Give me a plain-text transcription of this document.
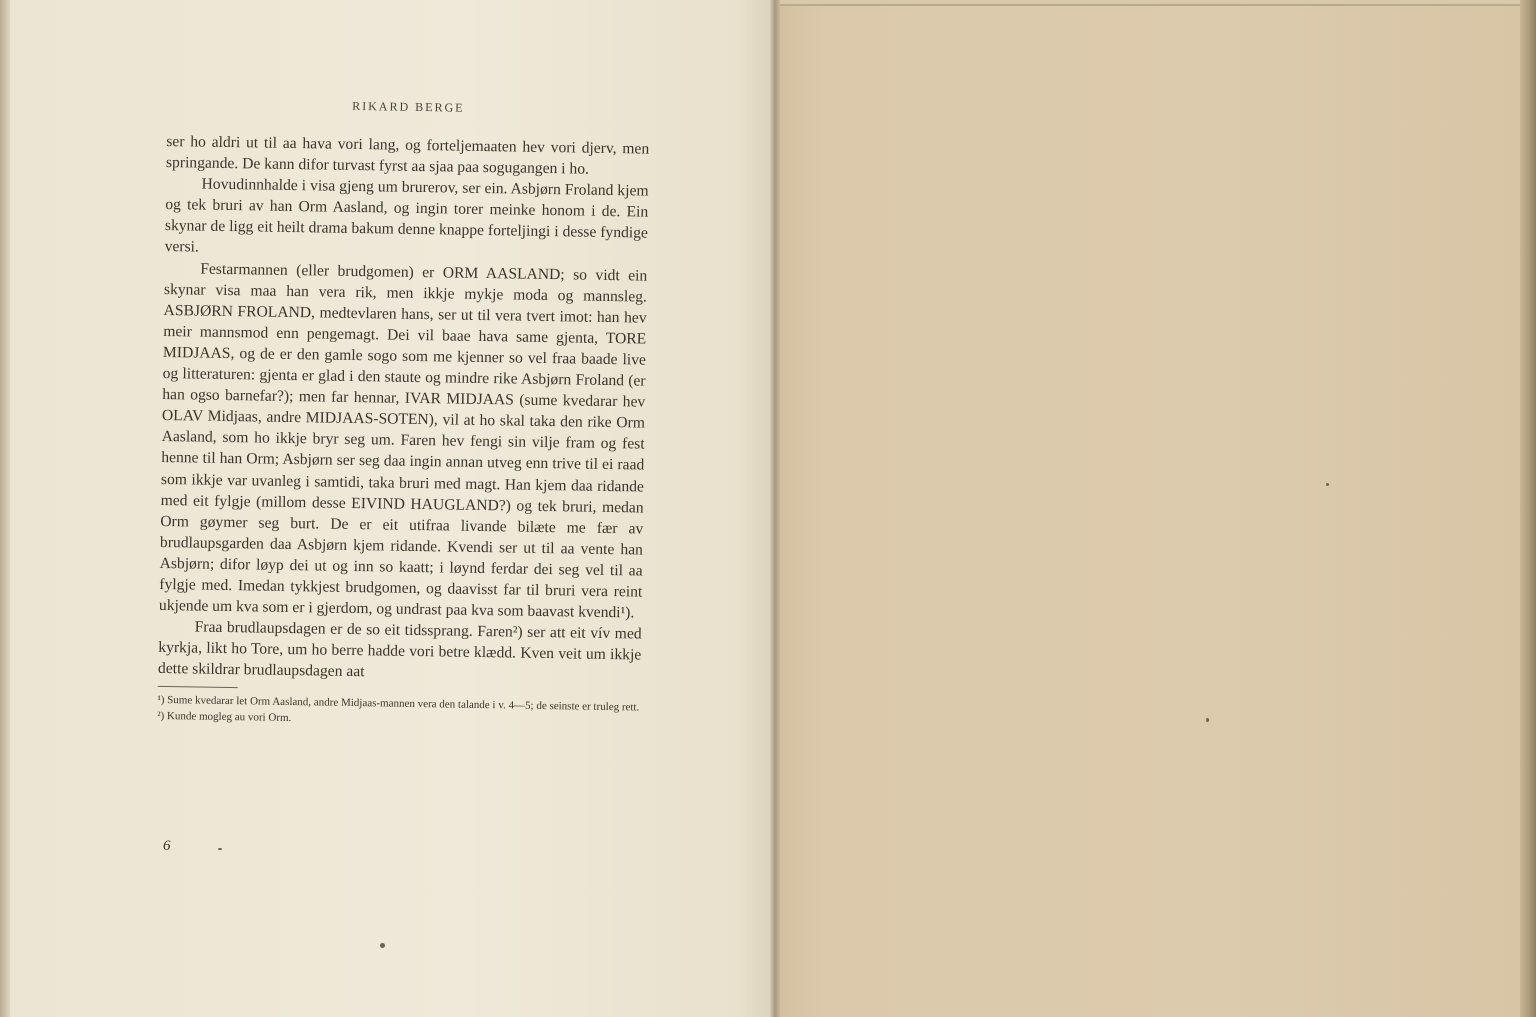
RIKARD BERGE

ser ho aldri ut til aa hava vori lang, og forteljemaaten hev vori djerv, men springande. De kann difor turvast fyrst aa sjaa paa sogugangen i ho.

Hovudinnhalde i visa gjeng um brurerov, ser ein. Asbjørn Froland kjem og tek bruri av han Orm Aasland, og ingin torer meinke honom i de. Ein skynar de ligg eit heilt drama bakum denne knappe forteljingi i desse fyndige versi.

Festarmannen (eller brudgomen) er ORM AASLAND; so vidt ein skynar visa maa han vera rik, men ikkje mykje moda og mannsleg. ASBJØRN FROLAND, medtevlaren hans, ser ut til vera tvert imot: han hev meir mannsmod enn pengemagt. Dei vil baae hava same gjenta, TORE MIDJAAS, og de er den gamle sogo som me kjenner so vel fraa baade live og litteraturen: gjenta er glad i den staute og mindre rike Asbjørn Froland (er han ogso barnefar?); men far hennar, IVAR MIDJAAS (sume kvedarar hev OLAV Midjaas, andre MIDJAAS-SOTEN), vil at ho skal taka den rike Orm Aasland, som ho ikkje bryr seg um. Faren hev fengi sin vilje fram og fest henne til han Orm; Asbjørn ser seg daa ingin annan utveg enn trive til ei raad som ikkje var uvanleg i samtidi, taka bruri med magt. Han kjem daa ridande med eit fylgje (millom desse EIVIND HAUGLAND?) og tek bruri, medan Orm gøymer seg burt. De er eit utifraa livande bilæte me fær av brudlaupsgarden daa Asbjørn kjem ridande. Kvendi ser ut til aa vente han Asbjørn; difor løyp dei ut og inn so kaatt; i løynd ferdar dei seg vel til aa fylgje med. Imedan tykkjest brudgomen, og daavisst far til bruri vera reint ukjende um kva som er i gjerdom, og undrast paa kva som baavast kvendi¹).

Fraa brudlaupsdagen er de so eit tidssprang. Faren²) ser att eit vív med kyrkja, likt ho Tore, um ho berre hadde vori betre klædd. Kven veit um ikkje dette skildrar brudlaupsdagen aat

¹) Sume kvedarar let Orm Aasland, andre Midjaas-mannen vera den talande i v. 4—5; de seinste er truleg rett.

²) Kunde mogleg au vori Orm.

6
